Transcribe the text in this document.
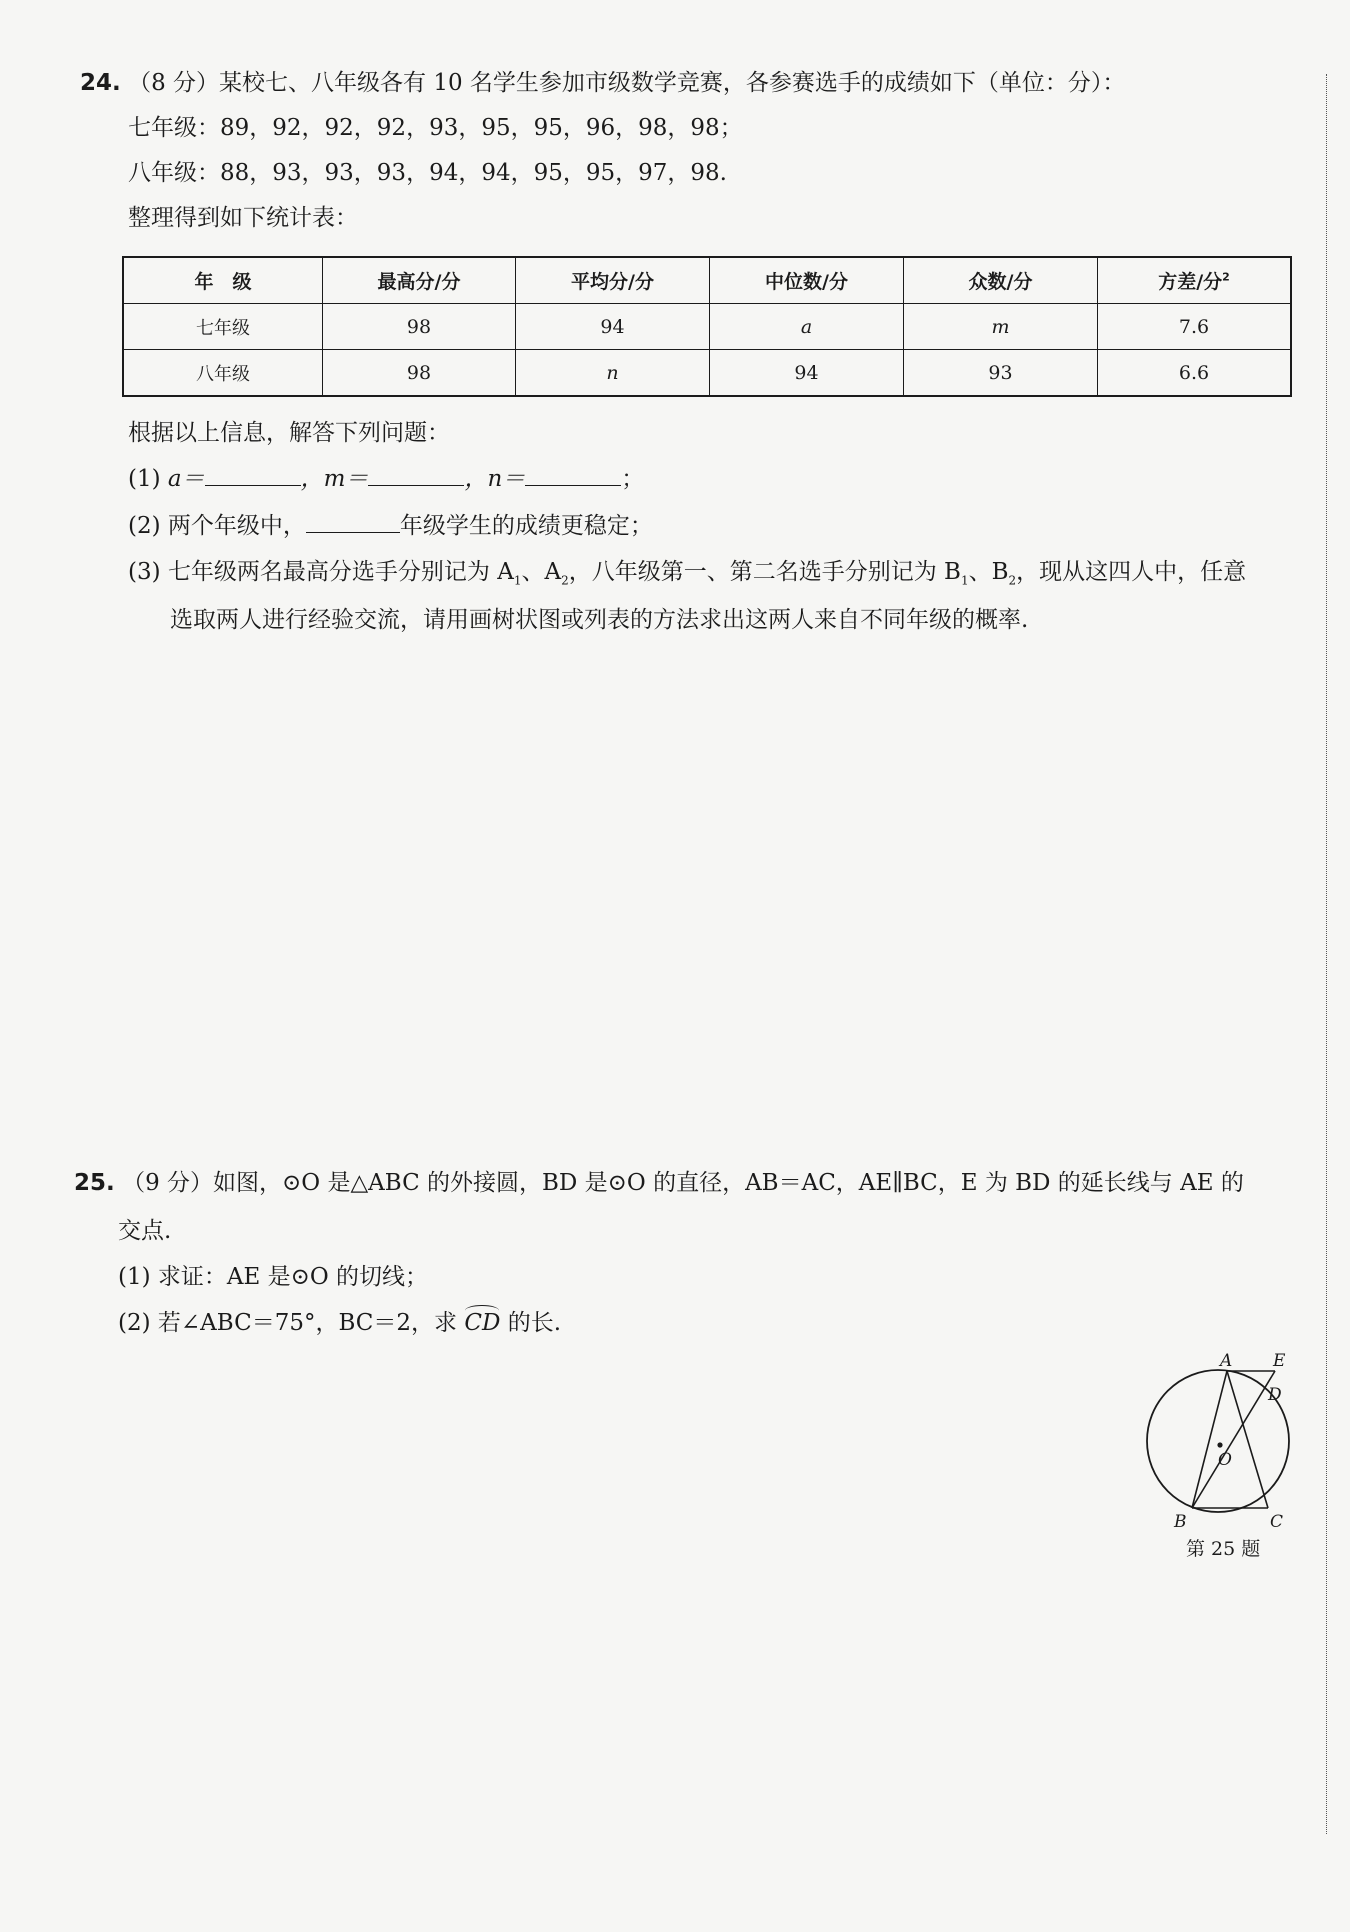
24. （8 分）某校七、八年级各有 10 名学生参加市级数学竞赛，各参赛选手的成绩如下（单位：分）：
七年级：89，92，92，92，93，95，95，96，98，98；
八年级：88，93，93，93，94，94，95，95，97，98.
整理得到如下统计表：
年　级	最高分/分	平均分/分	中位数/分	众数/分	方差/分$^2$
七年级	98	94	a	m	7.6
八年级	98	n	94	93	6.6
根据以上信息，解答下列问题：
(1) a＝	，m＝	，n＝	；
(2) 两个年级中，	年级学生的成绩更稳定；
(3) 七年级两名最高分选手分别记为 $A_1$、$A_2$，八年级第一、第二名选手分别记为 $B_1$、$B_2$，现从这四人中，任意
选取两人进行经验交流，请用画树状图或列表的方法求出这两人来自不同年级的概率.
25. （9 分）如图，⊙O 是△ABC 的外接圆，BD 是⊙O 的直径，AB＝AC，AE∥BC，E 为 BD 的延长线与 AE 的
交点.
(1) 求证：AE 是⊙O 的切线；
(2) 若∠ABC＝75°，BC＝2，求 CD 的长.
A E
D
O
B	C
第 25 题
